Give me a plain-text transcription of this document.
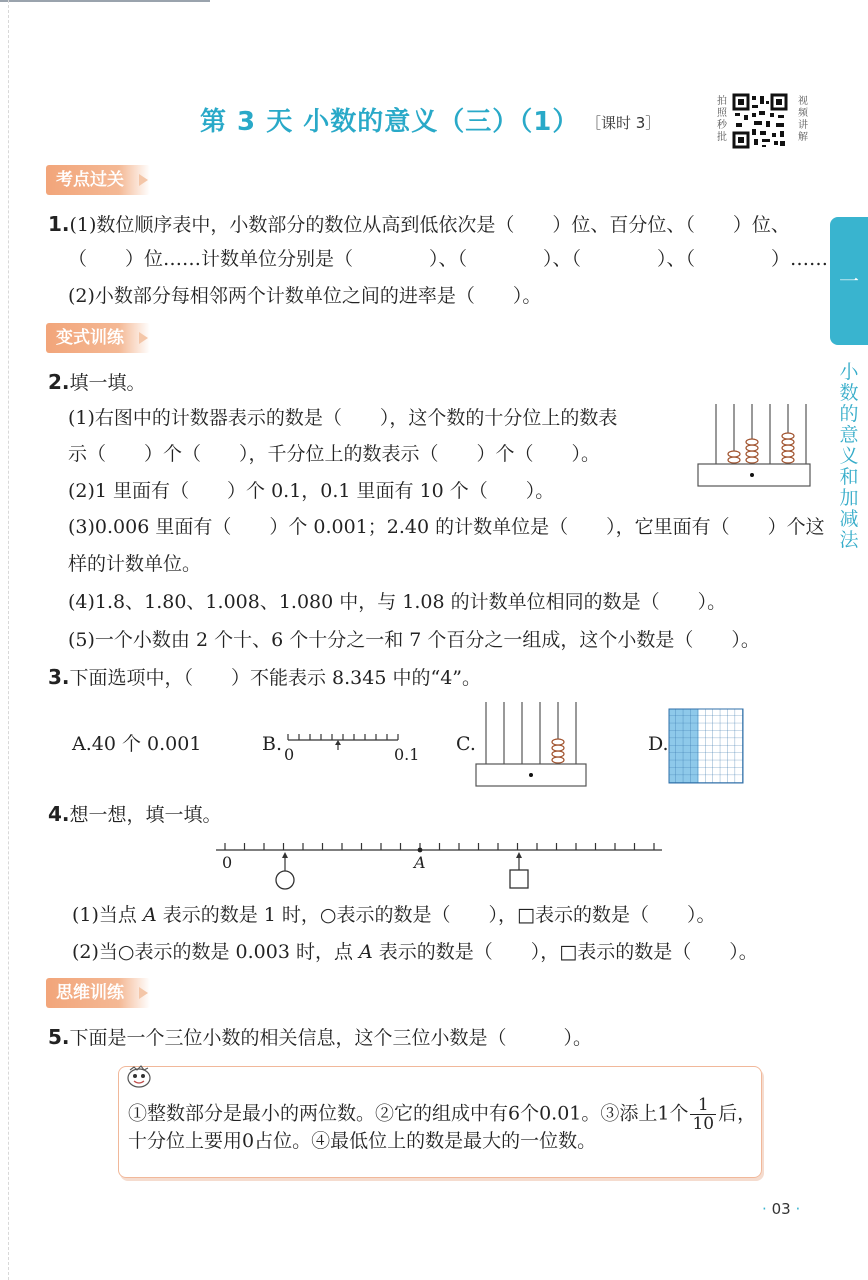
第 3 天 小数的意义（三）（1） ［课时 3］
拍照秒批
视频讲解
一
小数的意义和加减法
考点过关
1.(1)数位顺序表中，小数部分的数位从高到低依次是（　　）位、百分位、（　　）位、
（　　）位……计数单位分别是（　　　　）、（　　　　）、（　　　　）、（　　　　）……
(2)小数部分每相邻两个计数单位之间的进率是（　　）。
变式训练
2.填一填。
(1)右图中的计数器表示的数是（　　），这个数的十分位上的数表
示（　　）个（　　），千分位上的数表示（　　）个（　　）。
(2)1 里面有（　　）个 0.1，0.1 里面有 10 个（　　）。
(3)0.006 里面有（　　）个 0.001；2.40 的计数单位是（　　），它里面有（　　）个这
样的计数单位。
(4)1.8、1.80、1.008、1.080 中，与 1.08 的计数单位相同的数是（　　）。
(5)一个小数由 2 个十、6 个十分之一和 7 个百分之一组成，这个小数是（　　）。
3.下面选项中，（　　）不能表示 8.345 中的“4”。
A.40 个 0.001	B. 0	0.1 C.	D.
4.想一想，填一填。
0	A
(1)当点 A 表示的数是 1 时，○表示的数是（　　），□表示的数是（　　）。
(2)当○表示的数是 0.003 时，点 A 表示的数是（　　），□表示的数是（　　）。
思维训练
5.下面是一个三位小数的相关信息，这个三位小数是（　　　）。
①整数部分是最小的两位数。②它的组成中有6个0.01。③添上1个 $\frac{1}{10}$ 后，
十分位上要用0占位。④最低位上的数是最大的一位数。
· 03 ·
